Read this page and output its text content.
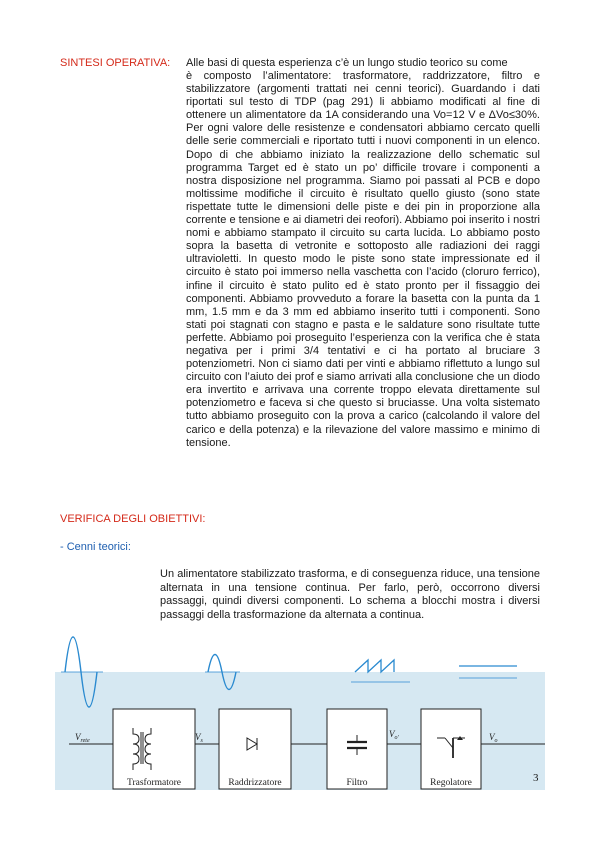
SINTESI OPERATIVA: Alle basi di questa esperienza c’è un lungo studio teorico su come

è composto l’alimentatore: trasformatore, raddrizzatore, filtro e stabilizzatore (argomenti trattati nei cenni teorici). Guardando i dati riportati sul testo di TDP (pag 291) li abbiamo modificati al fine di ottenere un alimentatore da 1A considerando una Vo=12 V e ΔVo≤30%. Per ogni valore delle resistenze e condensatori abbiamo cercato quelli delle serie commerciali e riportato tutti i nuovi componenti in un elenco. Dopo di che abbiamo iniziato la realizzazione dello schematic sul programma Target ed è stato un po’ difficile trovare i componenti a nostra disposizione nel programma. Siamo poi passati al PCB e dopo moltissime modifiche il circuito è risultato quello giusto (sono state rispettate tutte le dimensioni delle piste e dei pin in proporzione alla corrente e tensione e ai diametri dei reofori). Abbiamo poi inserito i nostri nomi e abbiamo stampato il circuito su carta lucida. Lo abbiamo posto sopra la basetta di vetronite e sottoposto alle radiazioni dei raggi ultravioletti. In questo modo le piste sono state impressionate ed il circuito è stato poi immerso nella vaschetta con l’acido (cloruro ferrico), infine il circuito è stato pulito ed è stato pronto per il fissaggio dei componenti. Abbiamo provveduto a forare la basetta con la punta da 1 mm, 1.5 mm e da 3 mm ed abbiamo inserito tutti i componenti. Sono stati poi stagnati con stagno e pasta e le saldature sono risultate tutte perfette. Abbiamo poi proseguito l’esperienza con la verifica che è stata negativa per i primi 3/4 tentativi e ci ha portato al bruciare 3 potenziometri. Non ci siamo dati per vinti e abbiamo riflettuto a lungo sul circuito con l’aiuto dei prof e siamo arrivati alla conclusione che un diodo era invertito e arrivava una corrente troppo elevata direttamente sul potenziometro e faceva si che questo si bruciasse. Una volta sistemato tutto abbiamo proseguito con la prova a carico (calcolando il valore del carico e della potenza) e la rilevazione del valore massimo e minimo di tensione.

VERIFICA DEGLI OBIETTIVI:
- Cenni teorici:

Un alimentatore stabilizzato trasforma, e di conseguenza riduce, una tensione alternata in una tensione continua. Per farlo, però, occorrono diversi passaggi, quindi diversi componenti. Lo schema a blocchi mostra i diversi passaggi della trasformazione da alternata a continua.

$V_{rete}$	$V_s$
$V_{o'}$	$V_o$
Trasformatore	Raddrizzatore	Filtro	Regolatore	3
